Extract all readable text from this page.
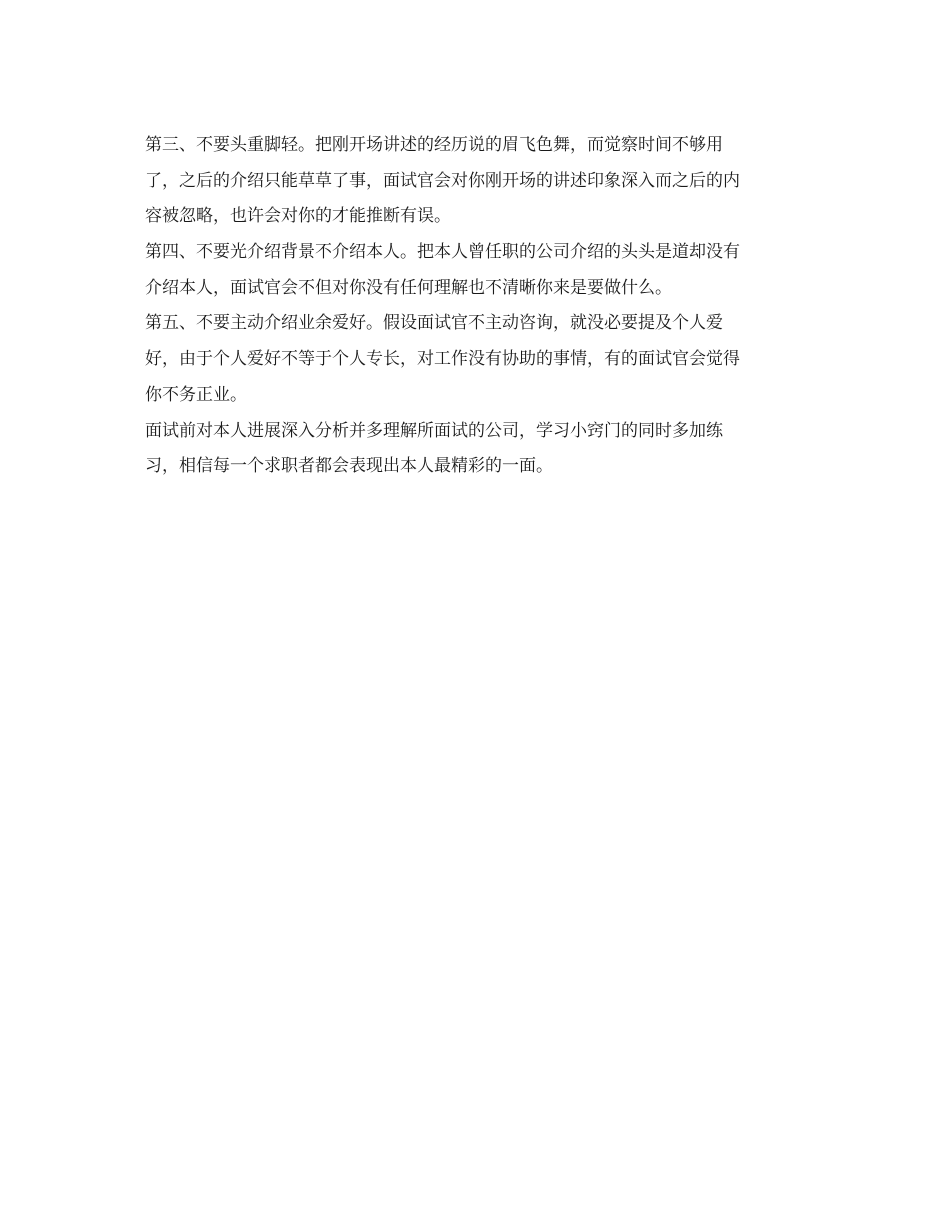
第三、不要头重脚轻。把刚开场讲述的经历说的眉飞色舞，而觉察时间不够用
了，之后的介绍只能草草了事，面试官会对你刚开场的讲述印象深入而之后的内
容被忽略，也许会对你的才能推断有误。
第四、不要光介绍背景不介绍本人。把本人曾任职的公司介绍的头头是道却没有
介绍本人，面试官会不但对你没有任何理解也不清晰你来是要做什么。
第五、不要主动介绍业余爱好。假设面试官不主动咨询，就没必要提及个人爱
好，由于个人爱好不等于个人专长，对工作没有协助的事情，有的面试官会觉得
你不务正业。
面试前对本人进展深入分析并多理解所面试的公司，学习小窍门的同时多加练
习，相信每一个求职者都会表现出本人最精彩的一面。
